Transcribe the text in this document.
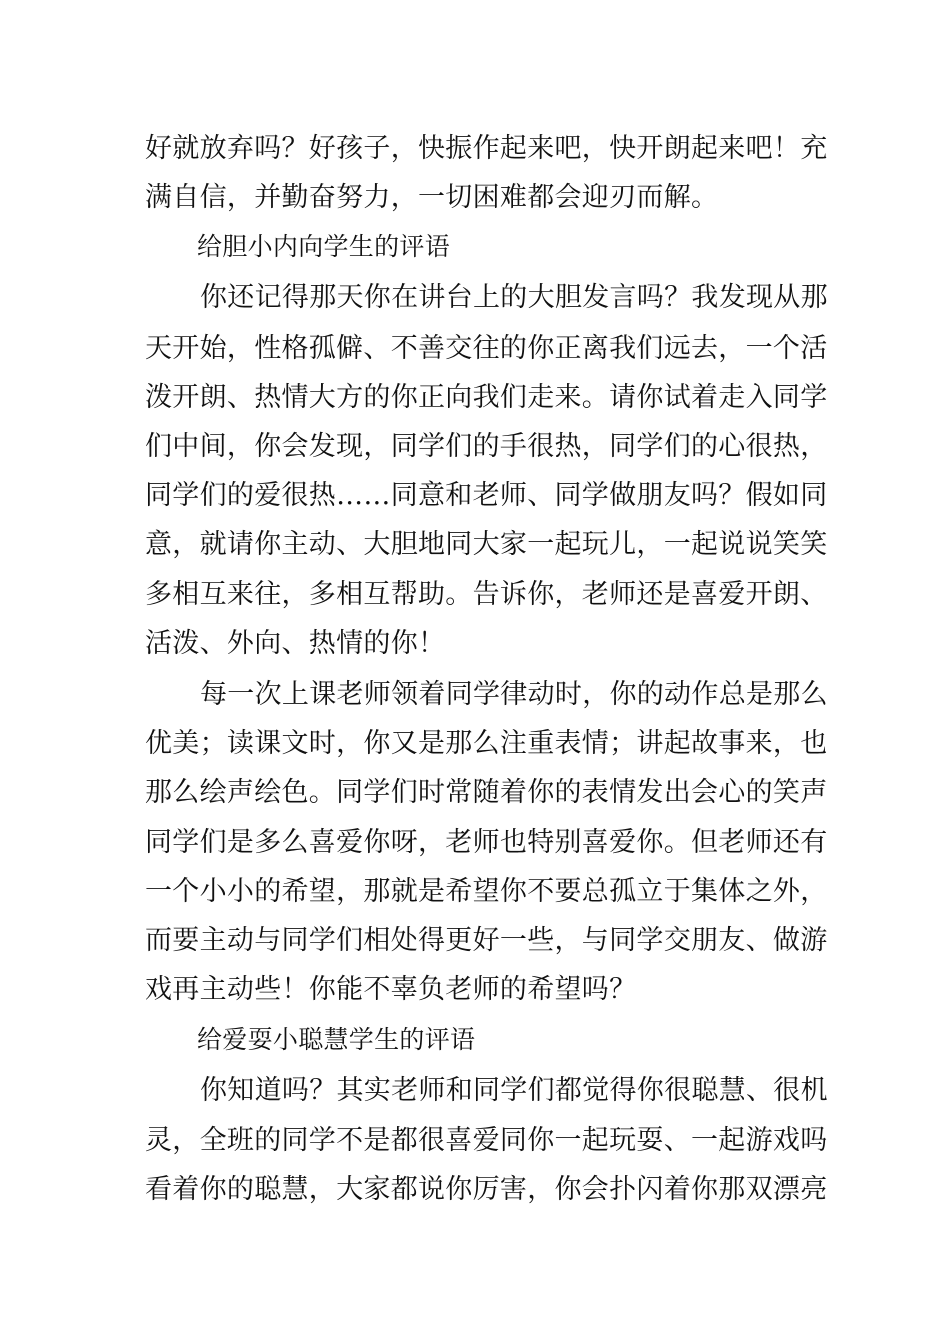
好就放弃吗？好孩子，快振作起来吧，快开朗起来吧！充
满自信，并勤奋努力，一切困难都会迎刃而解。
给胆小内向学生的评语
你还记得那天你在讲台上的大胆发言吗？我发现从那
天开始，性格孤僻、不善交往的你正离我们远去，一个活
泼开朗、热情大方的你正向我们走来。请你试着走入同学
们中间，你会发现，同学们的手很热，同学们的心很热，
同学们的爱很热……同意和老师、同学做朋友吗？假如同
意，就请你主动、大胆地同大家一起玩儿，一起说说笑笑
多相互来往，多相互帮助。告诉你，老师还是喜爱开朗、
活泼、外向、热情的你！
每一次上课老师领着同学律动时，你的动作总是那么
优美；读课文时，你又是那么注重表情；讲起故事来，也
那么绘声绘色。同学们时常随着你的表情发出会心的笑声
同学们是多么喜爱你呀，老师也特别喜爱你。但老师还有
一个小小的希望，那就是希望你不要总孤立于集体之外，
而要主动与同学们相处得更好一些，与同学交朋友、做游
戏再主动些！你能不辜负老师的希望吗？
给爱耍小聪慧学生的评语
你知道吗？其实老师和同学们都觉得你很聪慧、很机
灵，全班的同学不是都很喜爱同你一起玩耍、一起游戏吗
看着你的聪慧，大家都说你厉害，你会扑闪着你那双漂亮
